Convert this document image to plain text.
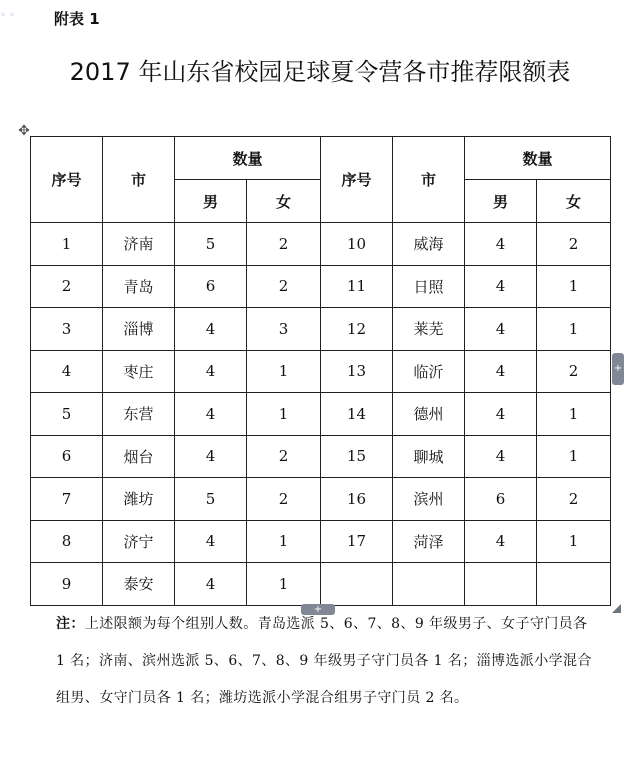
◦ ◦	附表 1
2017 年山东省校园足球夏令营各市推荐限额表
✥
序号	市	数量		序号	市	数量	
		男	女			男	女
1	济南	5	2	10	威海	4	2
2	青岛	6	2	11	日照	4	1
3	淄博	4	3	12	莱芜	4	1
4	枣庄	4	1	13	临沂	4	2
5	东营	4	1	14	德州	4	1
6	烟台	4	2	15	聊城	4	1
7	潍坊	5	2	16	滨州	6	2
8	济宁	4	1	17	菏泽	4	1
9	泰安	4	1				
+
+
注：上述限额为每个组别人数。青岛选派 5、6、7、8、9 年级男子、女子守门员各 1 名；济南、滨州选派 5、6、7、8、9 年级男子守门员各 1 名；淄博选派小学混合组男、女守门员各 1 名；潍坊选派小学混合组男子守门员 2 名。
